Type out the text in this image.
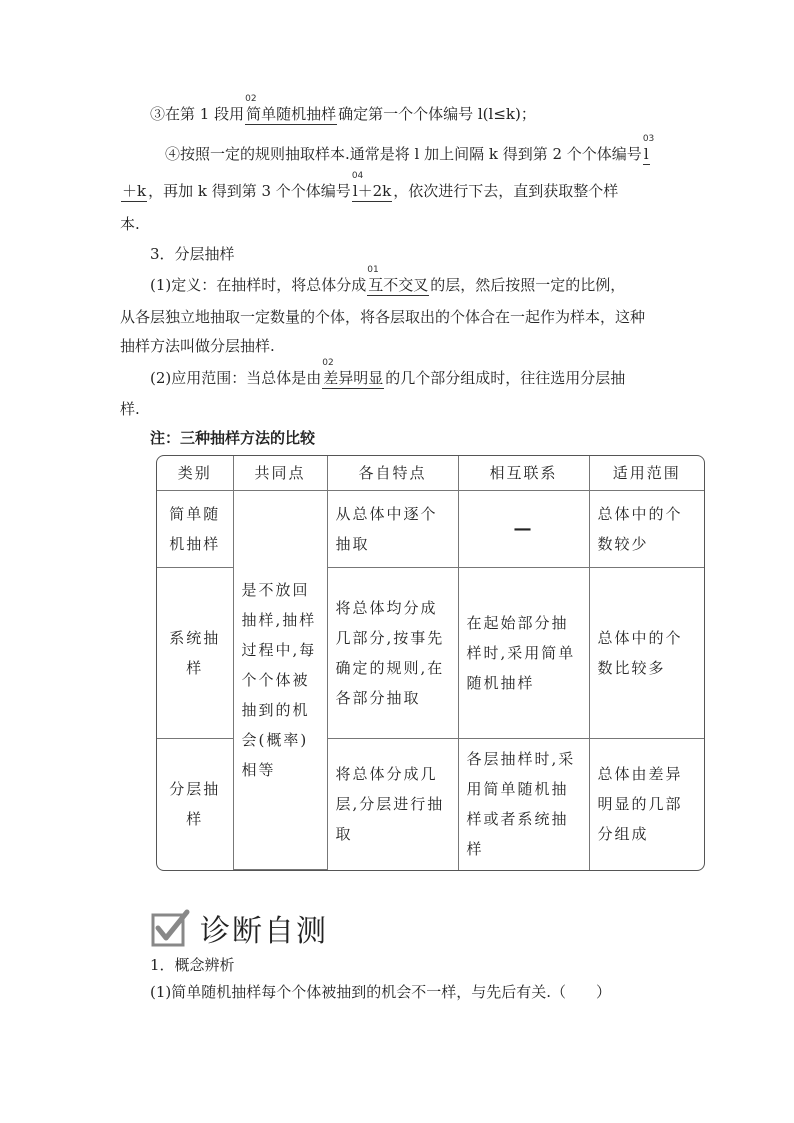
③在第 1 段用
02
简单随机抽样 确定第一个个体编号 l(l≤k)；
④按照一定的规则抽取样本.通常是将 l 加上间隔 k 得到第 2 个个体编号
03
l
＋k ，再加 k 得到第 3 个个体编号
04
l＋2k ，依次进行下去，直到获取整个样
本.
3．分层抽样
(1)定义：在抽样时，将总体分成
01
互不交叉 的层，然后按照一定的比例，
从各层独立地抽取一定数量的个体，将各层取出的个体合在一起作为样本，这种
抽样方法叫做分层抽样.
(2)应用范围：当总体是由
02
差异明显 的几个部分组成时，往往选用分层抽
样.
注：三种抽样方法的比较
类别	共同点	各自特点	相互联系	适用范围
简单随机抽样	是不放回抽样,抽样过程中,每个个体被抽到的机会(概率)相等	从总体中逐个抽取	—	总体中的个数较少
系统抽样		将总体均分成几部分,按事先确定的规则,在各部分抽取	在起始部分抽样时,采用简单随机抽样	总体中的个数比较多
分层抽样		将总体分成几层,分层进行抽取	各层抽样时,采用简单随机抽样或者系统抽样	总体由差异明显的几部分组成
诊断自测
1．概念辨析
(1)简单随机抽样每个个体被抽到的机会不一样，与先后有关.（　　）
